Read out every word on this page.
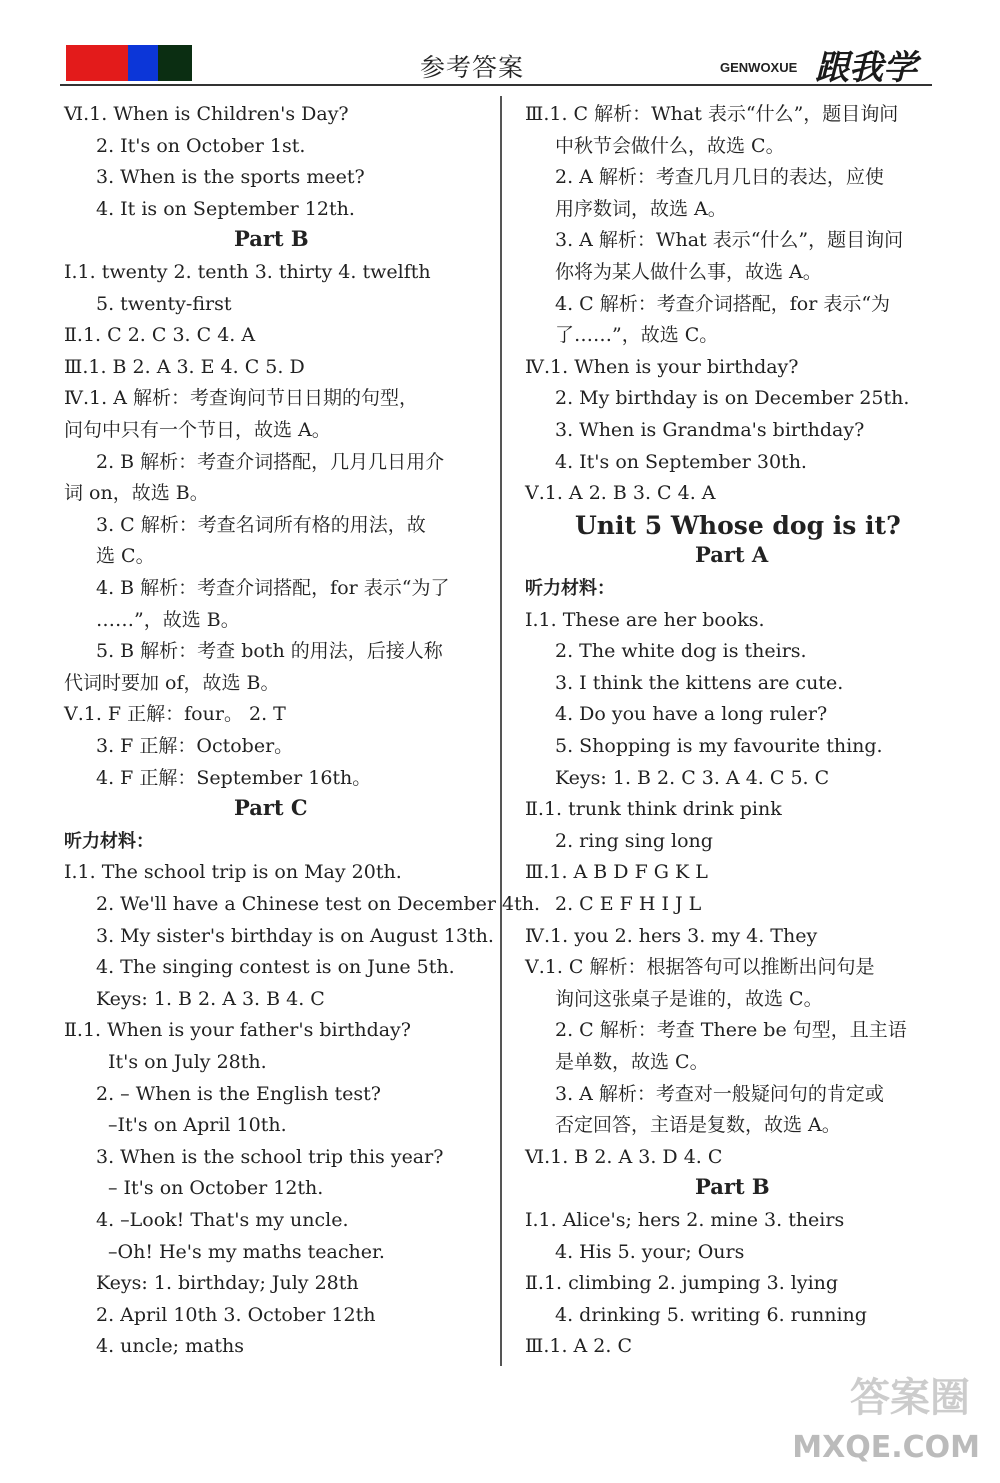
参考答案	GENWOXUE 跟我学
Ⅵ.1. When is Children's Day?
2. It's on October 1st.
3. When is the sports meet?
4. It is on September 12th.
Part B
Ⅰ.1. twenty 2. tenth 3. thirty 4. twelfth
5. twenty-first
Ⅱ.1. C 2. C 3. C 4. A
Ⅲ.1. B 2. A 3. E 4. C 5. D
Ⅳ.1. A 解析：考查询问节日日期的句型，
问句中只有一个节日，故选 A。
2. B 解析：考查介词搭配，几月几日用介
词 on，故选 B。
3. C 解析：考查名词所有格的用法，故
选 C。
4. B 解析：考查介词搭配，for 表示“为了
……”，故选 B。
5. B 解析：考查 both 的用法，后接人称
代词时要加 of，故选 B。
Ⅴ.1. F 正解：four。 2. T
3. F 正解：October。
4. F 正解：September 16th。
Part C
听力材料：
Ⅰ.1. The school trip is on May 20th.
2. We'll have a Chinese test on December 4th.
3. My sister's birthday is on August 13th.
4. The singing contest is on June 5th.
Keys: 1. B 2. A 3. B 4. C
Ⅱ.1. When is your father's birthday?
It's on July 28th.
2. – When is the English test?
–It's on April 10th.
3. When is the school trip this year?
– It's on October 12th.
4. –Look! That's my uncle.
–Oh! He's my maths teacher.
Keys: 1. birthday; July 28th
2. April 10th 3. October 12th
4. uncle; maths
Ⅲ.1. C 解析：What 表示“什么”，题目询问
中秋节会做什么，故选 C。
2. A 解析：考查几月几日的表达，应使
用序数词，故选 A。
3. A 解析：What 表示“什么”，题目询问
你将为某人做什么事，故选 A。
4. C 解析：考查介词搭配，for 表示“为
了……”，故选 C。
Ⅳ.1. When is your birthday?
2. My birthday is on December 25th.
3. When is Grandma's birthday?
4. It's on September 30th.
Ⅴ.1. A 2. B 3. C 4. A
Unit 5 Whose dog is it?
Part A
听力材料：
Ⅰ.1. These are her books.
2. The white dog is theirs.
3. I think the kittens are cute.
4. Do you have a long ruler?
5. Shopping is my favourite thing.
Keys: 1. B 2. C 3. A 4. C 5. C
Ⅱ.1. trunk think drink pink
2. ring sing long
Ⅲ.1. A B D F G K L
2. C E F H I J L
Ⅳ.1. you 2. hers 3. my 4. They
Ⅴ.1. C 解析：根据答句可以推断出问句是
询问这张桌子是谁的，故选 C。
2. C 解析：考查 There be 句型，且主语
是单数，故选 C。
3. A 解析：考查对一般疑问句的肯定或
否定回答，主语是复数，故选 A。
Ⅵ.1. B 2. A 3. D 4. C
Part B
Ⅰ.1. Alice's; hers 2. mine 3. theirs
4. His 5. your; Ours
Ⅱ.1. climbing 2. jumping 3. lying
4. drinking 5. writing 6. running
Ⅲ.1. A 2. C
答案圈
MXQE.COM
